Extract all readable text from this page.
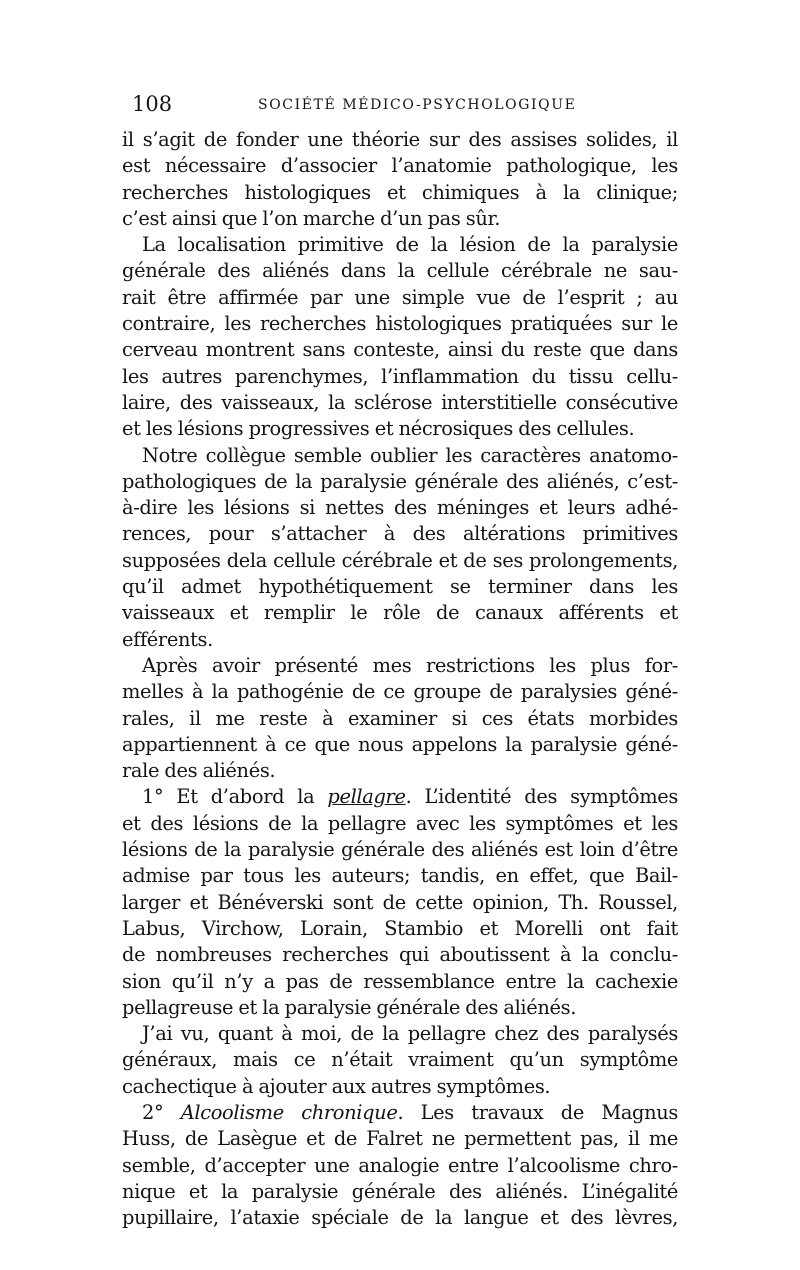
108	SOCIÉTÉ MÉDICO-PSYCHOLOGIQUE
il s’agit de fonder une théorie sur des assises solides, il
est nécessaire d’associer l’anatomie pathologique, les
recherches histologiques et chimiques à la clinique;
c’est ainsi que l’on marche d’un pas sûr.
La localisation primitive de la lésion de la paralysie
générale des aliénés dans la cellule cérébrale ne sau-
rait être affirmée par une simple vue de l’esprit ; au
contraire, les recherches histologiques pratiquées sur le
cerveau montrent sans conteste, ainsi du reste que dans
les autres parenchymes, l’inflammation du tissu cellu-
laire, des vaisseaux, la sclérose interstitielle consécutive
et les lésions progressives et nécrosiques des cellules.
Notre collègue semble oublier les caractères anatomo-
pathologiques de la paralysie générale des aliénés, c’est-
à-dire les lésions si nettes des méninges et leurs adhé-
rences, pour s’attacher à des altérations primitives
supposées dela cellule cérébrale et de ses prolongements,
qu’il admet hypothétiquement se terminer dans les
vaisseaux et remplir le rôle de canaux afférents et
efférents.
Après avoir présenté mes restrictions les plus for-
melles à la pathogénie de ce groupe de paralysies géné-
rales, il me reste à examiner si ces états morbides
appartiennent à ce que nous appelons la paralysie géné-
rale des aliénés.
1° Et d’abord la pellagre. L’identité des symptômes
et des lésions de la pellagre avec les symptômes et les
lésions de la paralysie générale des aliénés est loin d’être
admise par tous les auteurs; tandis, en effet, que Bail-
larger et Bénéverski sont de cette opinion, Th. Roussel,
Labus, Virchow, Lorain, Stambio et Morelli ont fait
de nombreuses recherches qui aboutissent à la conclu-
sion qu’il n’y a pas de ressemblance entre la cachexie
pellagreuse et la paralysie générale des aliénés.
J’ai vu, quant à moi, de la pellagre chez des paralysés
généraux, mais ce n’était vraiment qu’un symptôme
cachectique à ajouter aux autres symptômes.
2° Alcoolisme chronique. Les travaux de Magnus
Huss, de Lasègue et de Falret ne permettent pas, il me
semble, d’accepter une analogie entre l’alcoolisme chro-
nique et la paralysie générale des aliénés. L’inégalité
pupillaire, l’ataxie spéciale de la langue et des lèvres,
